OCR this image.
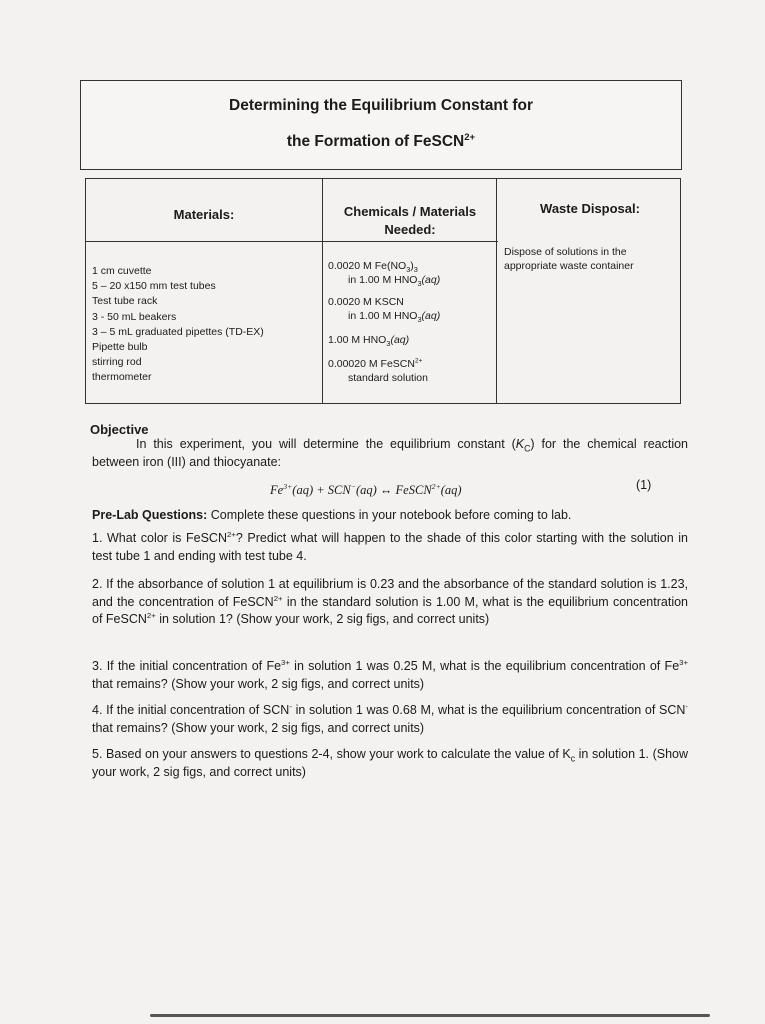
Determining the Equilibrium Constant for
the Formation of FeSCN$^{2+}$
Materials:	Chemicals / Materials
Needed:
Waste Disposal:
1 cm cuvette
5 – 20 x150 mm test tubes
Test tube rack
3 - 50 mL beakers
3 – 5 mL graduated pipettes (TD-EX)
Pipette bulb
stirring rod
thermometer
0.0020 M $Fe(NO_3)_3$
in 1.00 M $HNO_3(aq)$
0.0020 M KSCN
in 1.00 M $HNO_3(aq)$
1.00 M $HNO_3(aq)$
0.00020 M FeSCN$^{2+}$
standard solution
Dispose of solutions in the appropriate waste container
Objective
In this experiment, you will determine the equilibrium constant $(K_C)$ for the chemical reaction between iron (III) and thiocyanate:
$Fe^{3+}(aq) + SCN^-(aq)$ ↔ FeSCN$^{2+}$(aq)	(1)
Pre-Lab Questions: Complete these questions in your notebook before coming to lab.
1. What color is FeSCN$^{2+}$? Predict what will happen to the shade of this color starting with the solution in test tube 1 and ending with test tube 4.
2. If the absorbance of solution 1 at equilibrium is 0.23 and the absorbance of the standard solution is 1.23, and the concentration of FeSCN$^{2+}$ in the standard solution is 1.00 M, what is the equilibrium concentration of FeSCN$^{2+}$ in solution 1? (Show your work, 2 sig figs, and correct units)
3. If the initial concentration of $Fe^{3+}$ in solution 1 was 0.25 M, what is the equilibrium concentration of $Fe^{3+}$ that remains? (Show your work, 2 sig figs, and correct units)
4. If the initial concentration of SCN- in solution 1 was 0.68 M, what is the equilibrium concentration of SCN- that remains? (Show your work, 2 sig figs, and correct units)
5. Based on your answers to questions 2-4, show your work to calculate the value of $K_c$ in solution 1. (Show your work, 2 sig figs, and correct units)
